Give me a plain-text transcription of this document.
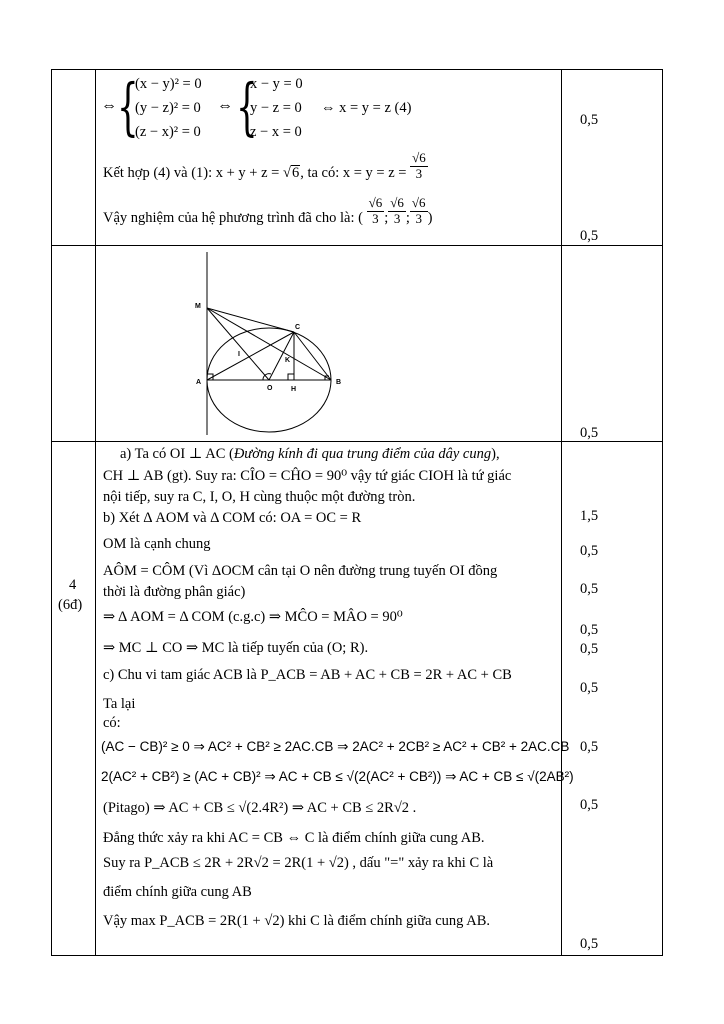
⇔ {
(x − y)² = 0
(y − z)² = 0
(z − x)² = 0
⇔ {
x − y = 0
y − z = 0
z − x = 0
⇔ x = y = z (4)
Kết hợp (4) và (1): x + y + z = √6, ta có: $x = y = z = \frac{√6}{3}$
Vậy nghiệm của hệ phương trình đã cho là: ( $\frac{√6}{3}$ ; $\frac{√6}{3}$ ; $\frac{√6}{3}$ )
0,5
0,5
M
C
I
K
A
O	H
B
0,5
4
(6đ)
a) Ta có OI ⊥ AC (Đường kính đi qua trung điểm của dây cung),
CH ⊥ AB (gt). Suy ra: CÎO = CĤO = 90⁰ vậy tứ giác CIOH là tứ giác
nội tiếp, suy ra C, I, O, H cùng thuộc một đường tròn.
b) Xét Δ AOM và Δ COM có: OA = OC = R
OM là cạnh chung
AÔM = CÔM (Vì ΔOCM cân tại O nên đường trung tuyến OI đồng
thời là đường phân giác)
⇒ Δ AOM = Δ COM (c.g.c) ⇒ MĈO = MÂO = 90⁰
⇒ MC ⊥ CO ⇒ MC là tiếp tuyến của (O; R).
c) Chu vi tam giác ACB là P_ACB = AB + AC + CB = 2R + AC + CB
Ta lại
có:
(AC − CB)² ≥ 0 ⇒ AC² + CB² ≥ 2AC.CB ⇒ 2AC² + 2CB² ≥ AC² + CB² + 2AC.CB
2(AC² + CB²) ≥ (AC + CB)² ⇒ AC + CB ≤ √(2(AC² + CB²)) ⇒ AC + CB ≤ √(2AB²)
(Pitago) ⇒ AC + CB ≤ √(2.4R²) ⇒ AC + CB ≤ 2R√2 .
Đẳng thức xảy ra khi AC = CB ⇔ C là điểm chính giữa cung AB.
Suy ra P_ACB ≤ 2R + 2R√2 = 2R(1 + √2) , dấu "=" xảy ra khi C là
điểm chính giữa cung AB
Vậy max P_ACB = 2R(1 + √2) khi C là điểm chính giữa cung AB.
1,5
0,5
0,5
0,5
0,5
0,5
0,5
0,5
0,5
